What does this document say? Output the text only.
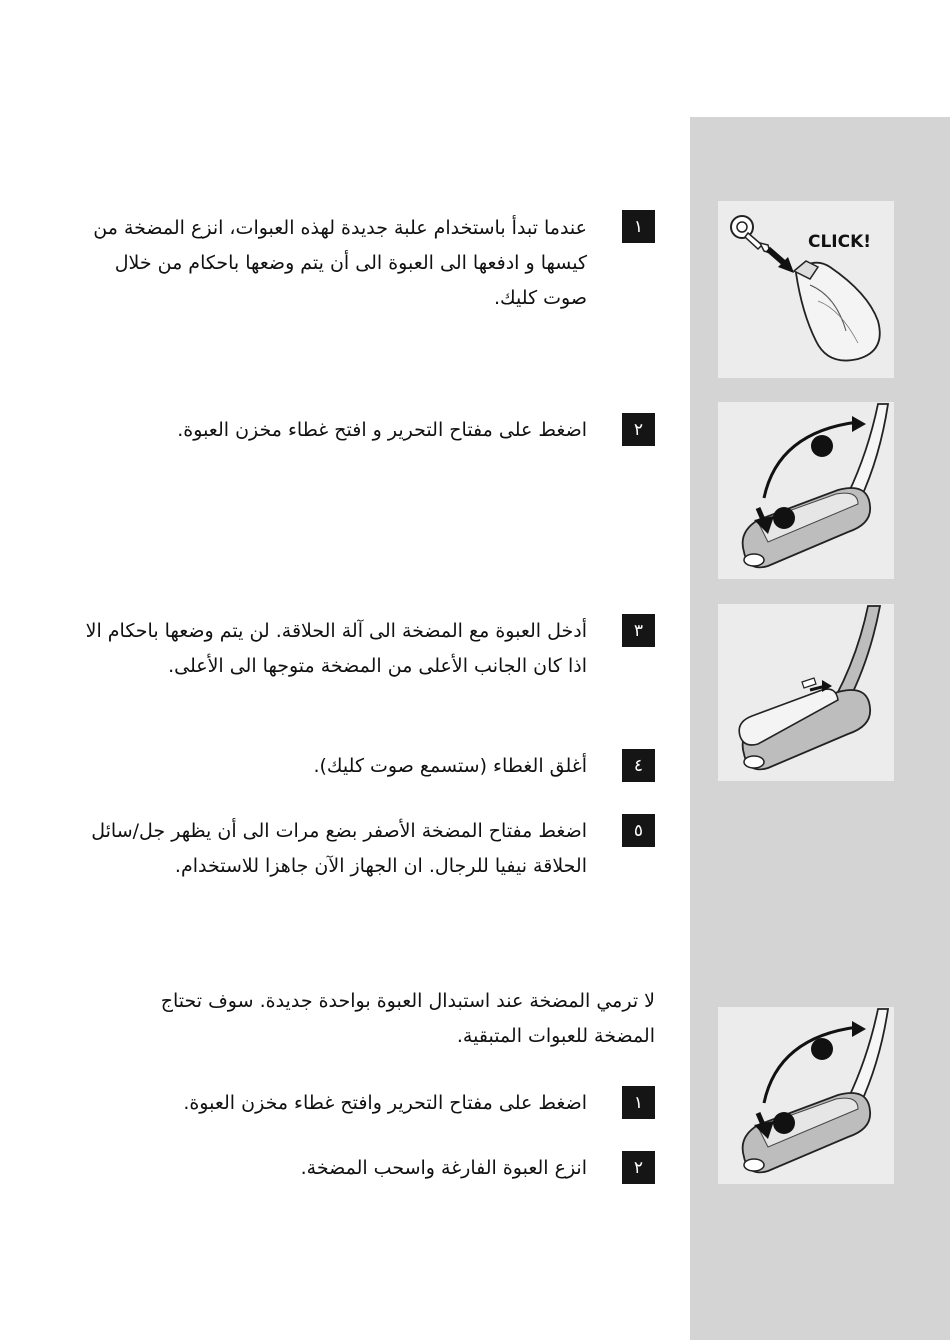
CLICK!
١
عندما تبدأ باستخدام علبة جديدة لهذه العبوات، انزع المضخة من كيسها و ادفعها الى العبوة الى أن يتم وضعها باحكام من خلال صوت كليك.
٢
اضغط على مفتاح التحرير و افتح غطاء مخزن العبوة.
٣
أدخل العبوة مع المضخة الى آلة الحلاقة. لن يتم وضعها باحكام الا اذا كان الجانب الأعلى من المضخة متوجها الى الأعلى.
٤
أغلق الغطاء (ستسمع صوت كليك).
٥
اضغط مفتاح المضخة الأصفر بضع مرات الى أن يظهر جل/سائل الحلاقة نيفيا للرجال. ان الجهاز الآن جاهزا للاستخدام.
لا ترمي المضخة عند استبدال العبوة بواحدة جديدة. سوف تحتاج المضخة للعبوات المتبقية.
١
اضغط على مفتاح التحرير وافتح غطاء مخزن العبوة.
٢
انزع العبوة الفارغة واسحب المضخة.
